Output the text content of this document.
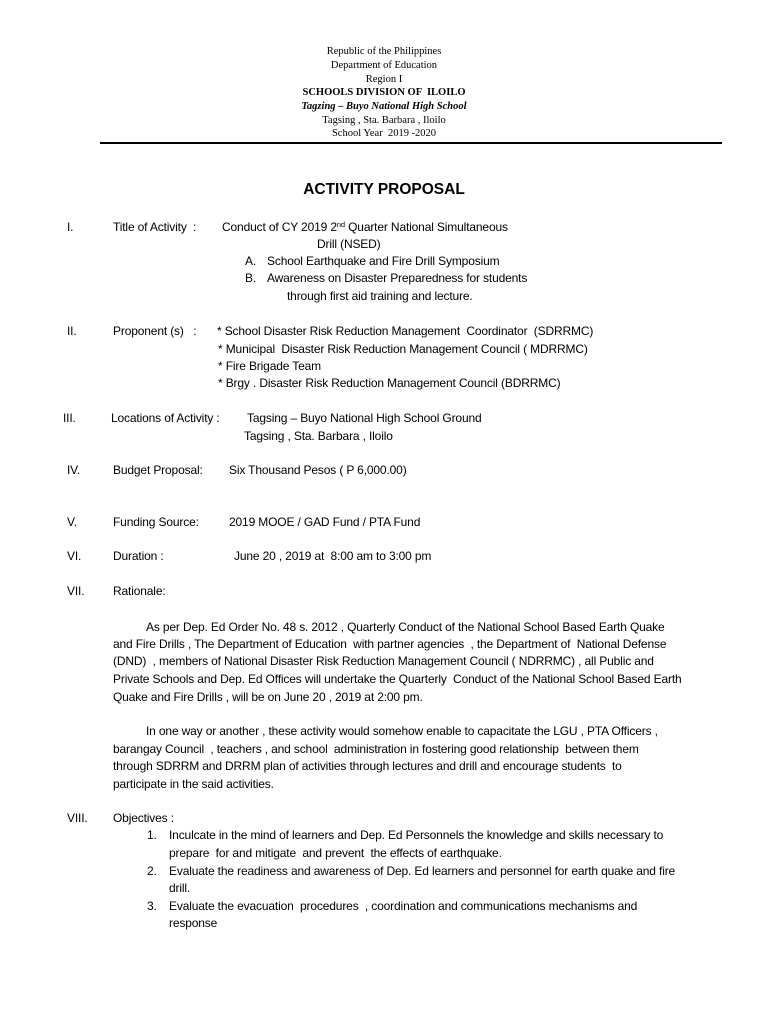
Republic of the Philippines
Department of Education
Region I
SCHOOLS DIVISION OF  ILOILO
Tagzing – Buyo National High School
Tagsing , Sta. Barbara , Iloilo
School Year  2019 -2020
ACTIVITY PROPOSAL
I.	Title of Activity  : Conduct of CY 2019 2nd Quarter National Simultaneous
Drill (NSED)
A. School Earthquake and Fire Drill Symposium
B. Awareness on Disaster Preparedness for students
through first aid training and lecture.
II.	Proponent (s)   : * School Disaster Risk Reduction Management  Coordinator  (SDRRMC)
* Municipal  Disaster Risk Reduction Management Council ( MDRRMC)
* Fire Brigade Team
* Brgy . Disaster Risk Reduction Management Council (BDRRMC)
III.	Locations of Activity : Tagsing – Buyo National High School Ground
Tagsing , Sta. Barbara , Iloilo
IV.	Budget Proposal: Six Thousand Pesos ( P 6,000.00)
V.	Funding Source:	2019 MOOE / GAD Fund / PTA Fund
VI.	Duration :	June 20 , 2019 at  8:00 am to 3:00 pm
VII. Rationale:
As per Dep. Ed Order No. 48 s. 2012 , Quarterly Conduct of the National School Based Earth Quake
and Fire Drills , The Department of Education  with partner agencies  , the Department of  National Defense
(DND)  , members of National Disaster Risk Reduction Management Council ( NDRRMC) , all Public and
Private Schools and Dep. Ed Offices will undertake the Quarterly  Conduct of the National School Based Earth
Quake and Fire Drills , will be on June 20 , 2019 at 2:00 pm.
In one way or another , these activity would somehow enable to capacitate the LGU , PTA Officers ,
barangay Council  , teachers , and school  administration in fostering good relationship  between them
through SDRRM and DRRM plan of activities through lectures and drill and encourage students  to
participate in the said activities.
VIII. Objectives :
1. Inculcate in the mind of learners and Dep. Ed Personnels the knowledge and skills necessary to
prepare  for and mitigate  and prevent  the effects of earthquake.
2. Evaluate the readiness and awareness of Dep. Ed learners and personnel for earth quake and fire
drill.
3. Evaluate the evacuation  procedures  , coordination and communications mechanisms and
response
